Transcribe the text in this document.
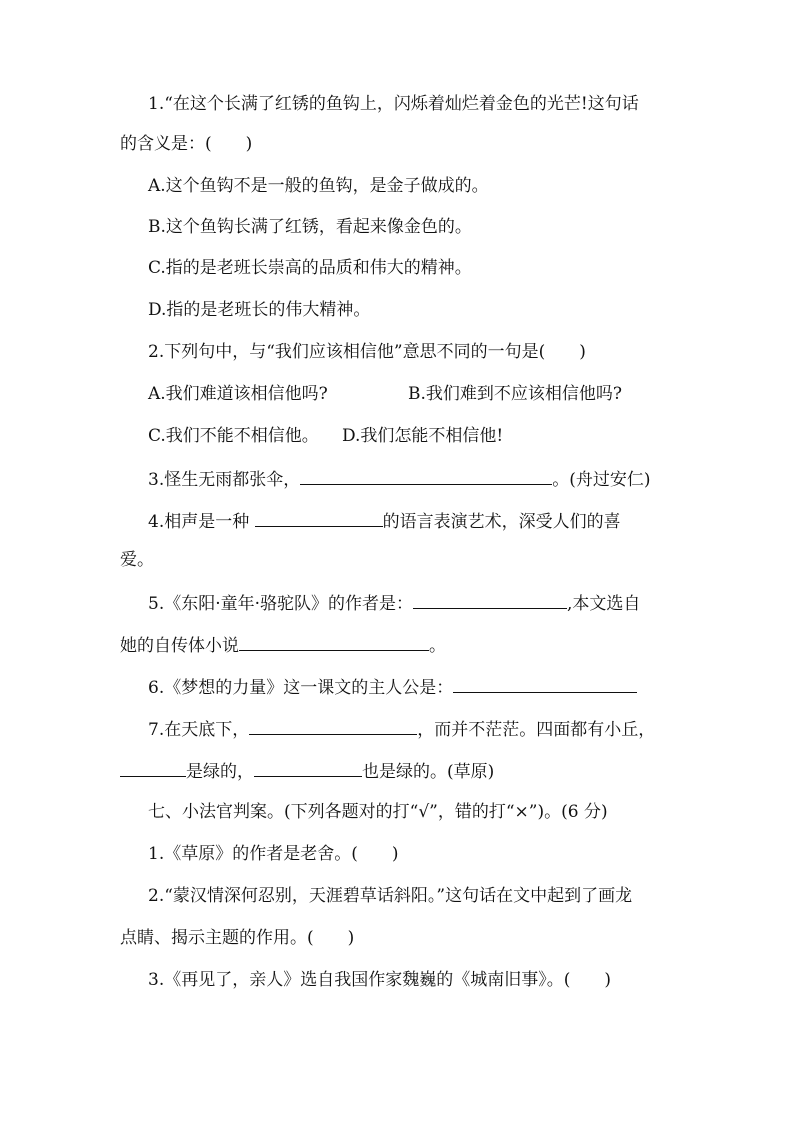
1.“在这个长满了红锈的鱼钩上，闪烁着灿烂着金色的光芒!这句话
的含义是：(　　)
A.这个鱼钩不是一般的鱼钩，是金子做成的。
B.这个鱼钩长满了红锈，看起来像金色的。
C.指的是老班长崇高的品质和伟大的精神。
D.指的是老班长的伟大精神。
2.下列句中，与“我们应该相信他”意思不同的一句是(　　)
A.我们难道该相信他吗?	B.我们难到不应该相信他吗?
C.我们不能不相信他。 D.我们怎能不相信他!
3.怪生无雨都张伞，	。(舟过安仁)
4.相声是一种	的语言表演艺术，深受人们的喜
爱。
5.《东阳·童年·骆驼队》的作者是：	,本文选自
她的自传体小说	。
6.《梦想的力量》这一课文的主人公是：
7.在天底下，	，而并不茫茫。四面都有小丘，
是绿的，	也是绿的。(草原)
七、小法官判案。(下列各题对的打“√”，错的打“×”)。(6 分)
1.《草原》的作者是老舍。(　　)
2.“蒙汉情深何忍别，天涯碧草话斜阳。”这句话在文中起到了画龙
点睛、揭示主题的作用。(　　)
3.《再见了，亲人》选自我国作家魏巍的《城南旧事》。(　　)
